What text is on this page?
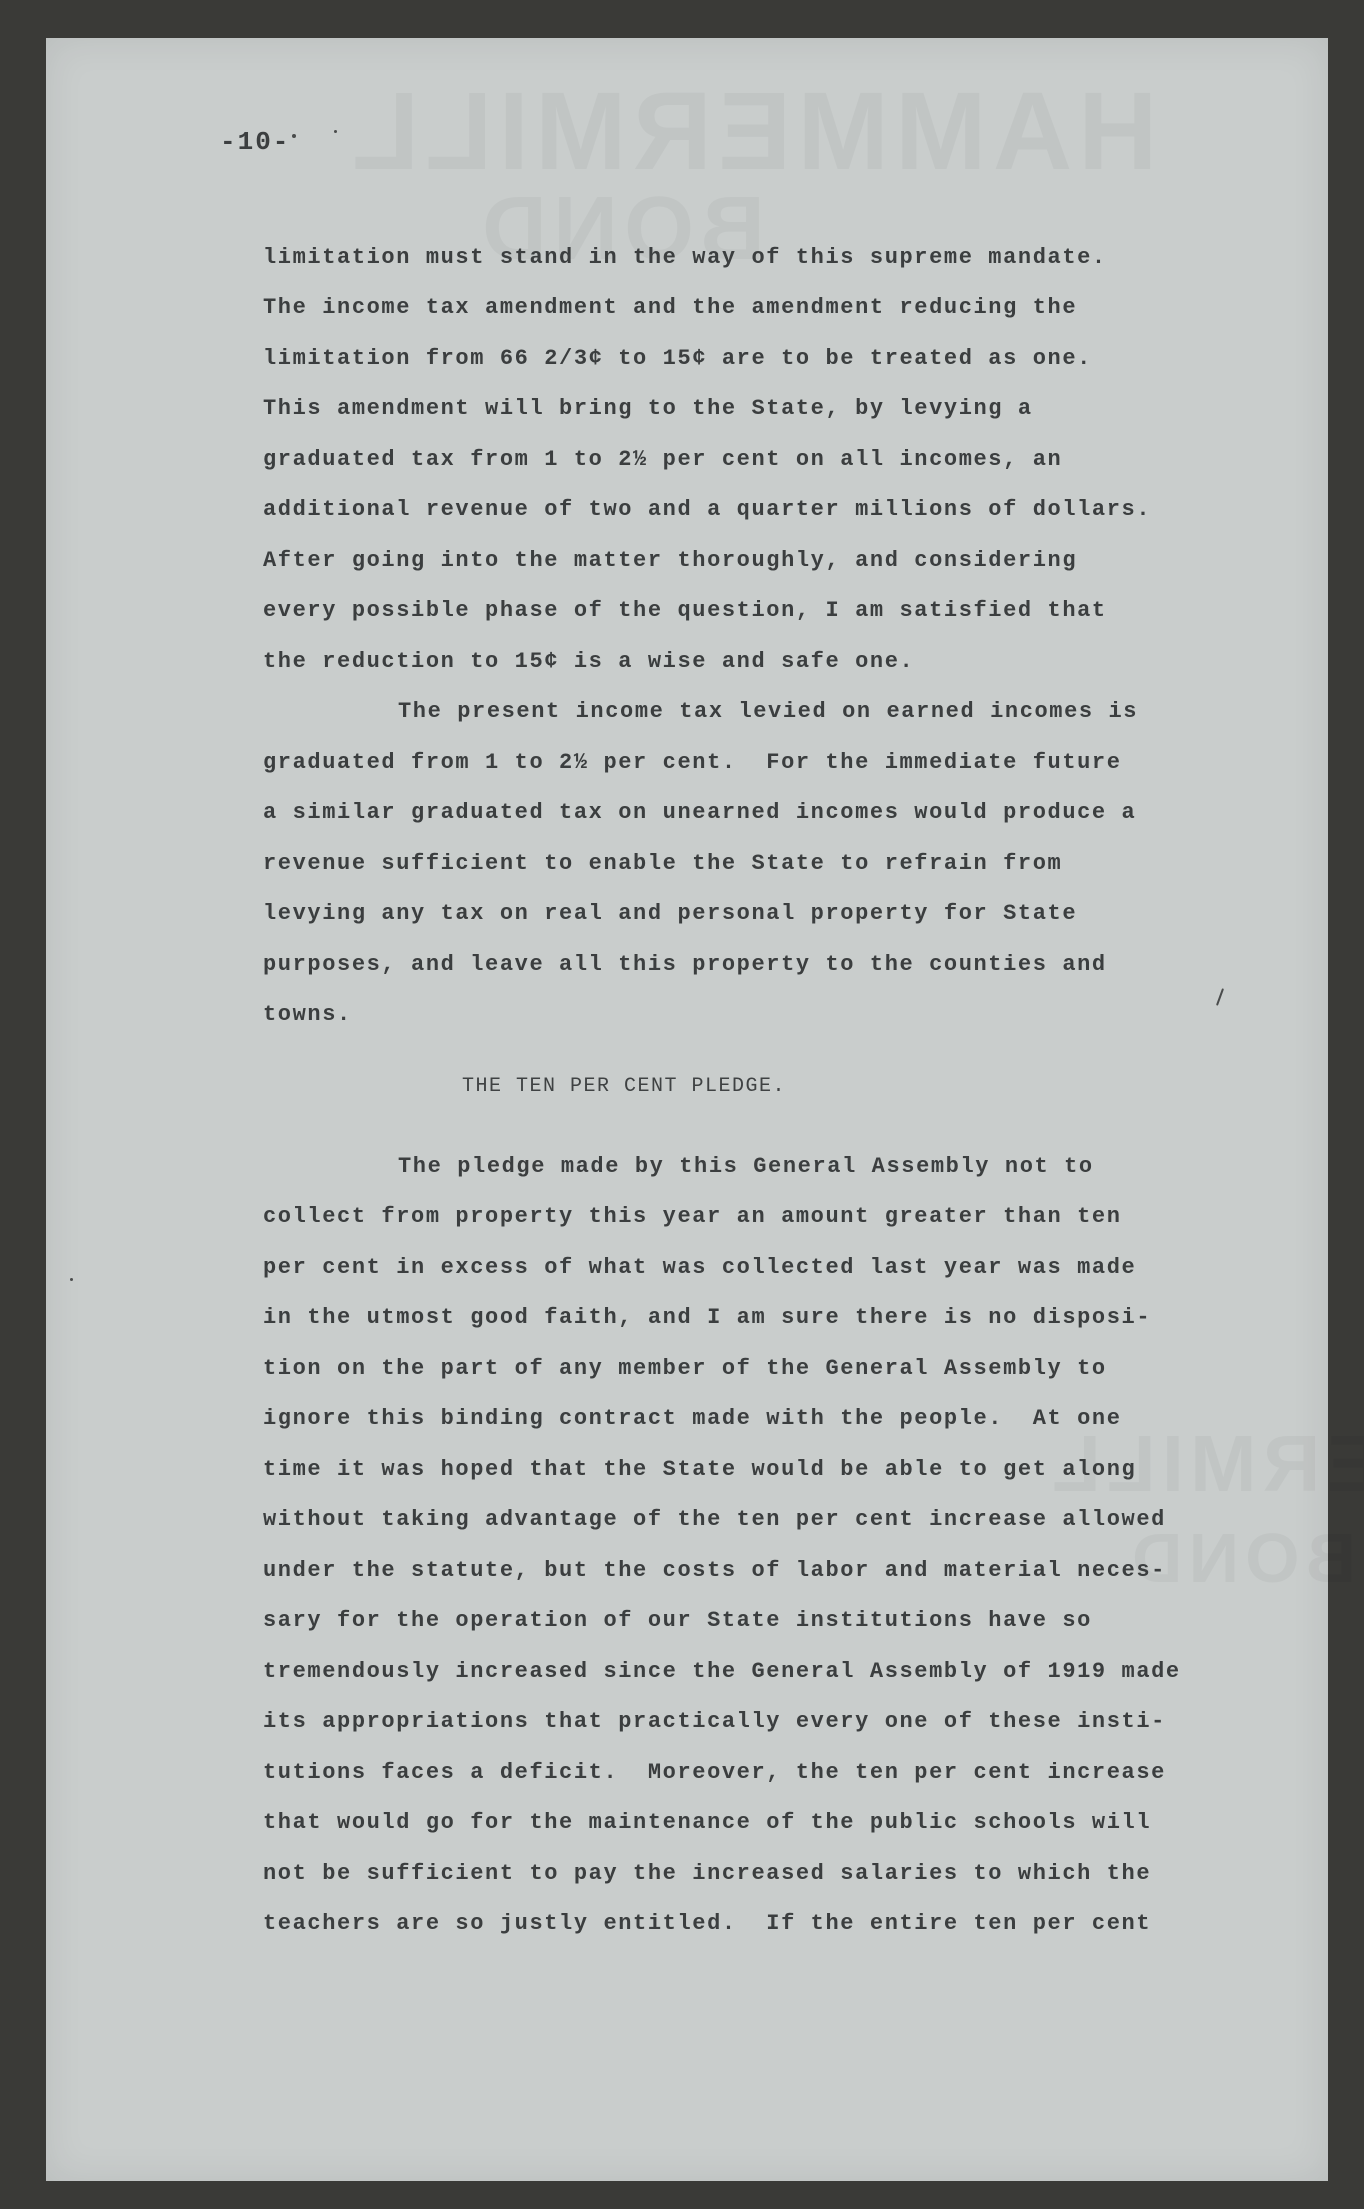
-10-
limitation must stand in the way of this supreme mandate.
The income tax amendment and the amendment reducing the
limitation from 66 2/3¢ to 15¢ are to be treated as one.
This amendment will bring to the State, by levying a
graduated tax from 1 to 2½ per cent on all incomes, an
additional revenue of two and a quarter millions of dollars.
After going into the matter thoroughly, and considering
every possible phase of the question, I am satisfied that
the reduction to 15¢ is a wise and safe one.
The present income tax levied on earned incomes is
graduated from 1 to 2½ per cent.  For the immediate future
a similar graduated tax on unearned incomes would produce a
revenue sufficient to enable the State to refrain from
levying any tax on real and personal property for State
purposes, and leave all this property to the counties and
towns.
The pledge made by this General Assembly not to
collect from property this year an amount greater than ten
per cent in excess of what was collected last year was made
in the utmost good faith, and I am sure there is no disposi-
tion on the part of any member of the General Assembly to
ignore this binding contract made with the people.  At one
time it was hoped that the State would be able to get along
without taking advantage of the ten per cent increase allowed
under the statute, but the costs of labor and material neces-
sary for the operation of our State institutions have so
tremendously increased since the General Assembly of 1919 made
its appropriations that practically every one of these insti-
tutions faces a deficit.  Moreover, the ten per cent increase
that would go for the maintenance of the public schools will
not be sufficient to pay the increased salaries to which the
teachers are so justly entitled.  If the entire ten per cent
THE TEN PER CENT PLEDGE.
